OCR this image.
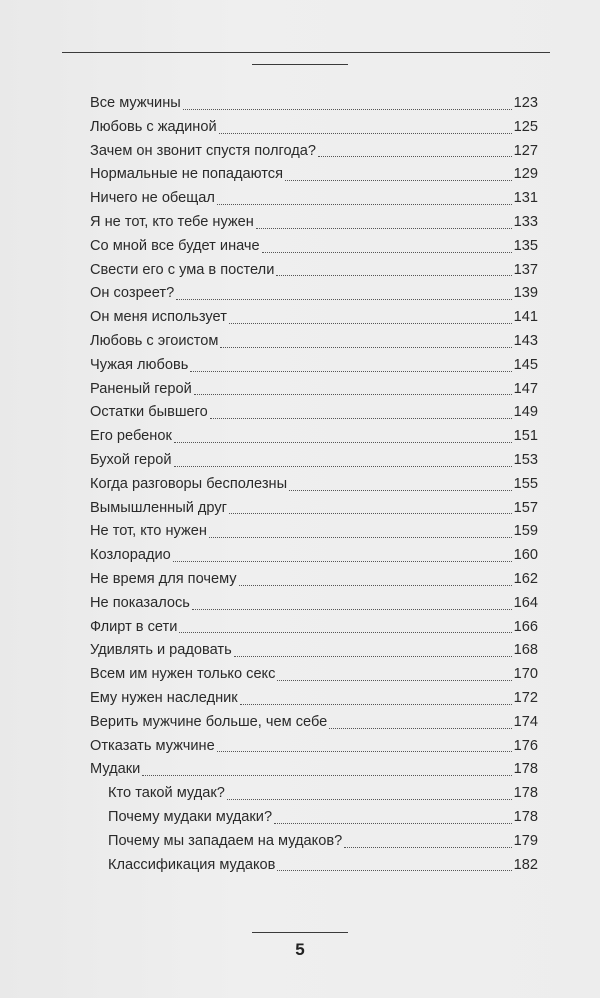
Все мужчины	123
Любовь с жадиной	125
Зачем он звонит спустя полгода?	127
Нормальные не попадаются	129
Ничего не обещал	131
Я не тот, кто тебе нужен	133
Со мной все будет иначе	135
Свести его с ума в постели	137
Он созреет?	139
Он меня использует	141
Любовь с эгоистом	143
Чужая любовь	145
Раненый герой	147
Остатки бывшего	149
Его ребенок	151
Бухой герой	153
Когда разговоры бесполезны	155
Вымышленный друг	157
Не тот, кто нужен	159
Козлорадио	160
Не время для почему	162
Не показалось	164
Флирт в сети	166
Удивлять и радовать	168
Всем им нужен только секс	170
Ему нужен наследник	172
Верить мужчине больше, чем себе	174
Отказать мужчине	176
Мудаки	178
Кто такой мудак?	178
Почему мудаки мудаки?	178
Почему мы западаем на мудаков?	179
Классификация мудаков	182
5
